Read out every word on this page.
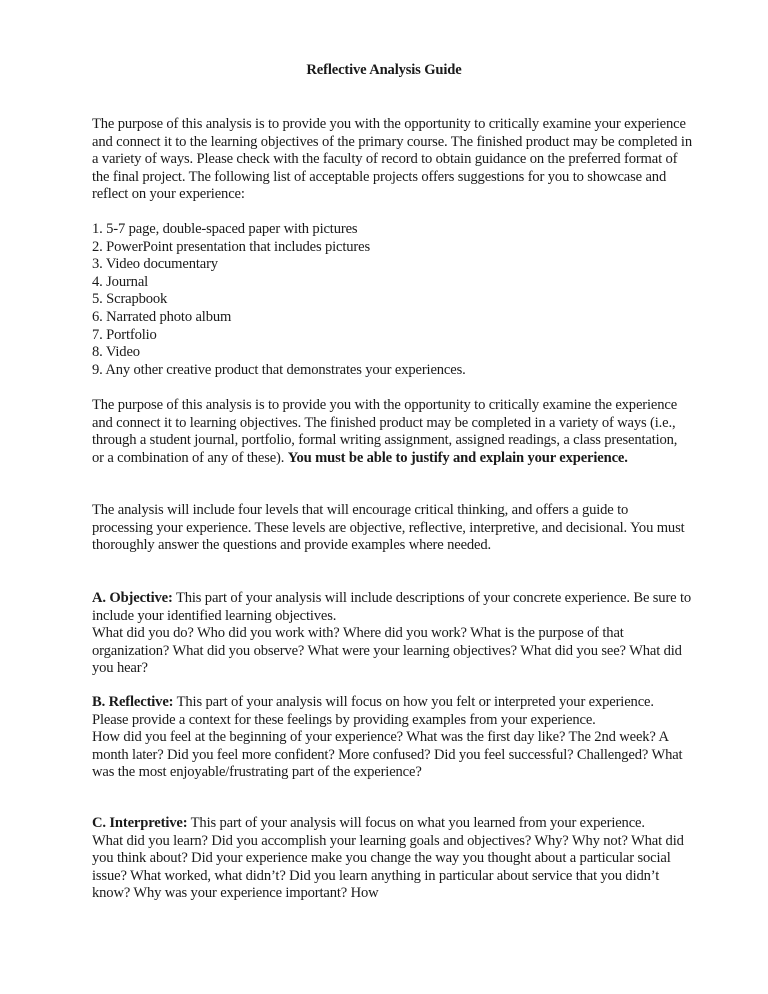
Reflective Analysis Guide

The purpose of this analysis is to provide you with the opportunity to critically examine your experience and connect it to the learning objectives of the primary course. The finished product may be completed in a variety of ways. Please check with the faculty of record to obtain guidance on the preferred format of the final project. The following list of acceptable projects offers suggestions for you to showcase and reflect on your experience:

1. 5-7 page, double-spaced paper with pictures
2. PowerPoint presentation that includes pictures
3. Video documentary
4. Journal
5. Scrapbook
6. Narrated photo album
7. Portfolio
8. Video
9. Any other creative product that demonstrates your experiences.

The purpose of this analysis is to provide you with the opportunity to critically examine the experience and connect it to learning objectives. The finished product may be completed in a variety of ways (i.e., through a student journal, portfolio, formal writing assignment, assigned readings, a class presentation, or a combination of any of these). You must be able to justify and explain your experience.

The analysis will include four levels that will encourage critical thinking, and offers a guide to processing your experience. These levels are objective, reflective, interpretive, and decisional. You must thoroughly answer the questions and provide examples where needed.

A. Objective: This part of your analysis will include descriptions of your concrete experience. Be sure to include your identified learning objectives.
What did you do? Who did you work with? Where did you work? What is the purpose of that organization? What did you observe? What were your learning objectives? What did you see? What did you hear?
B. Reflective: This part of your analysis will focus on how you felt or interpreted your experience. Please provide a context for these feelings by providing examples from your experience.
How did you feel at the beginning of your experience? What was the first day like? The 2nd week? A month later? Did you feel more confident? More confused? Did you feel successful? Challenged? What was the most enjoyable/frustrating part of the experience?
C. Interpretive: This part of your analysis will focus on what you learned from your experience.
What did you learn? Did you accomplish your learning goals and objectives? Why? Why not? What did you think about? Did your experience make you change the way you thought about a particular social issue? What worked, what didn’t? Did you learn anything in particular about service that you didn’t know? Why was your experience important? How
